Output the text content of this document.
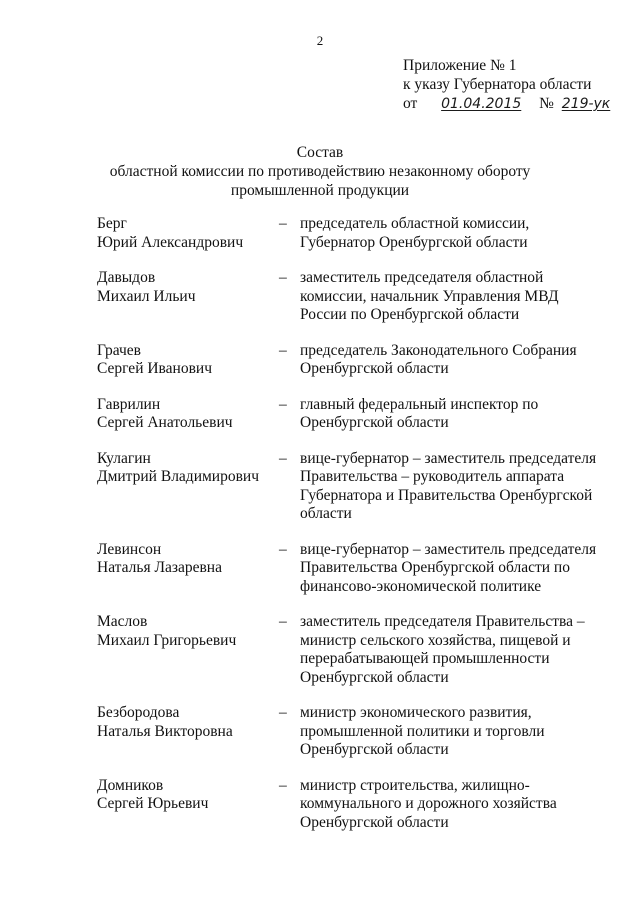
2
Приложение № 1
к указу Губернатора области
от 01.04.2015 № 219-ук
Состав
областной комиссии по противодействию незаконному обороту
промышленной продукции
Берг
Юрий Александрович
– председатель областной комиссии,
Губернатор Оренбургской области
Давыдов
Михаил Ильич
– заместитель председателя областной
комиссии, начальник Управления МВД
России по Оренбургской области
Грачев
Сергей Иванович
– председатель Законодательного Собрания
Оренбургской области
Гаврилин
Сергей Анатольевич
– главный федеральный инспектор по
Оренбургской области
Кулагин
Дмитрий Владимирович
– вице-губернатор – заместитель председателя
Правительства – руководитель аппарата
Губернатора и Правительства Оренбургской
области
Левинсон
Наталья Лазаревна
– вице-губернатор – заместитель председателя
Правительства Оренбургской области по
финансово-экономической политике
Маслов
Михаил Григорьевич
– заместитель председателя Правительства –
министр сельского хозяйства, пищевой и
перерабатывающей промышленности
Оренбургской области
Безбородова
Наталья Викторовна
– министр экономического развития,
промышленной политики и торговли
Оренбургской области
Домников
Сергей Юрьевич
– министр строительства, жилищно-
коммунального и дорожного хозяйства
Оренбургской области
